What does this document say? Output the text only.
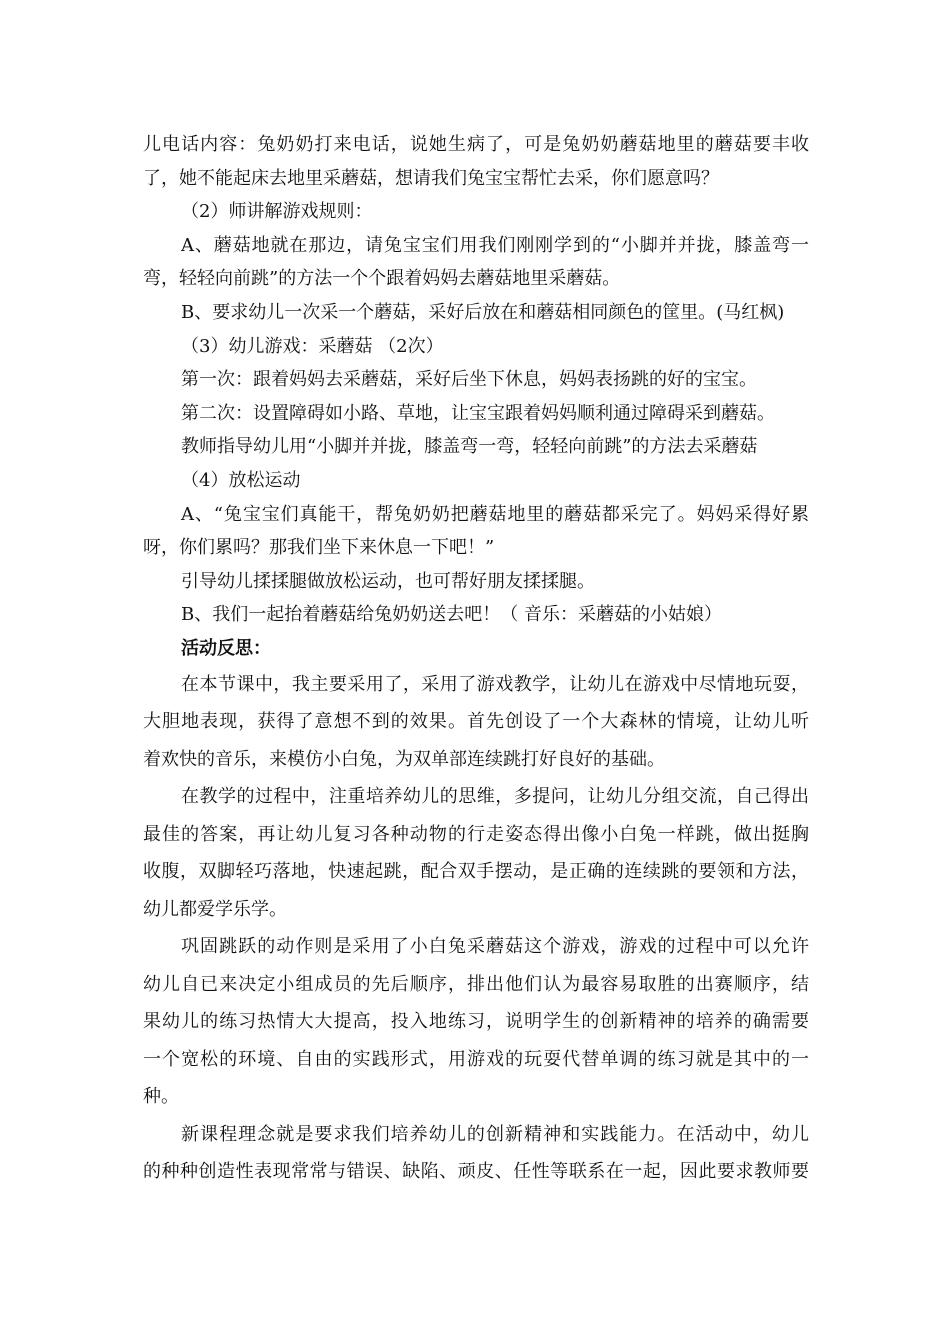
儿电话内容：兔奶奶打来电话，说她生病了，可是兔奶奶蘑菇地里的蘑菇要丰收
了，她不能起床去地里采蘑菇，想请我们兔宝宝帮忙去采，你们愿意吗？
（2）师讲解游戏规则：
A、蘑菇地就在那边，请兔宝宝们用我们刚刚学到的“小脚并并拢，膝盖弯一
弯，轻轻向前跳”的方法一个个跟着妈妈去蘑菇地里采蘑菇。
B、要求幼儿一次采一个蘑菇，采好后放在和蘑菇相同颜色的筐里。(马红枫)
（3）幼儿游戏：采蘑菇 （2次）
第一次：跟着妈妈去采蘑菇，采好后坐下休息，妈妈表扬跳的好的宝宝。
第二次：设置障碍如小路、草地，让宝宝跟着妈妈顺利通过障碍采到蘑菇。
教师指导幼儿用“小脚并并拢，膝盖弯一弯，轻轻向前跳”的方法去采蘑菇
（4）放松运动
A、“兔宝宝们真能干，帮兔奶奶把蘑菇地里的蘑菇都采完了。妈妈采得好累
呀，你们累吗？那我们坐下来休息一下吧！”
引导幼儿揉揉腿做放松运动，也可帮好朋友揉揉腿。
B、我们一起抬着蘑菇给兔奶奶送去吧！（ 音乐：采蘑菇的小姑娘）
活动反思：
在本节课中，我主要采用了，采用了游戏教学，让幼儿在游戏中尽情地玩耍，
大胆地表现，获得了意想不到的效果。首先创设了一个大森林的情境，让幼儿听
着欢快的音乐，来模仿小白兔，为双单部连续跳打好良好的基础。
在教学的过程中，注重培养幼儿的思维，多提问，让幼儿分组交流，自己得出
最佳的答案，再让幼儿复习各种动物的行走姿态得出像小白兔一样跳，做出挺胸
收腹，双脚轻巧落地，快速起跳，配合双手摆动，是正确的连续跳的要领和方法，
幼儿都爱学乐学。
巩固跳跃的动作则是采用了小白兔采蘑菇这个游戏，游戏的过程中可以允许
幼儿自已来决定小组成员的先后顺序，排出他们认为最容易取胜的出赛顺序，结
果幼儿的练习热情大大提高，投入地练习，说明学生的创新精神的培养的确需要
一个宽松的环境、自由的实践形式，用游戏的玩耍代替单调的练习就是其中的一
种。
新课程理念就是要求我们培养幼儿的创新精神和实践能力。在活动中，幼儿
的种种创造性表现常常与错误、缺陷、顽皮、任性等联系在一起，因此要求教师要
